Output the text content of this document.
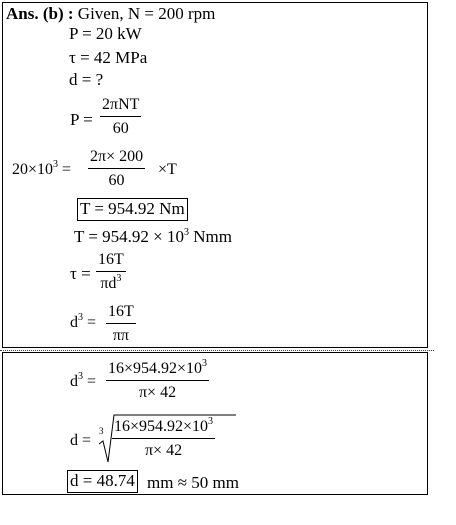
Ans. (b) : Given, N = 200 rpm
P = 20 kW
τ = 42 MPa
d = ?
P =
2πNT
60
$20\times 10^3$ =
2π× 200
60
×T
T = 954.92 Nm
$T = 954.92 \times 10^3$ Nmm
τ =
16T
$\pi d^3$
$d^3$ =
16T
ππ
$d^3$ =
$16\times 954.92\times 10^3$
π× 42
d =
3 $16\times 954.92\times 10^3$
π× 42
d = 48.74 mm ≈ 50 mm
